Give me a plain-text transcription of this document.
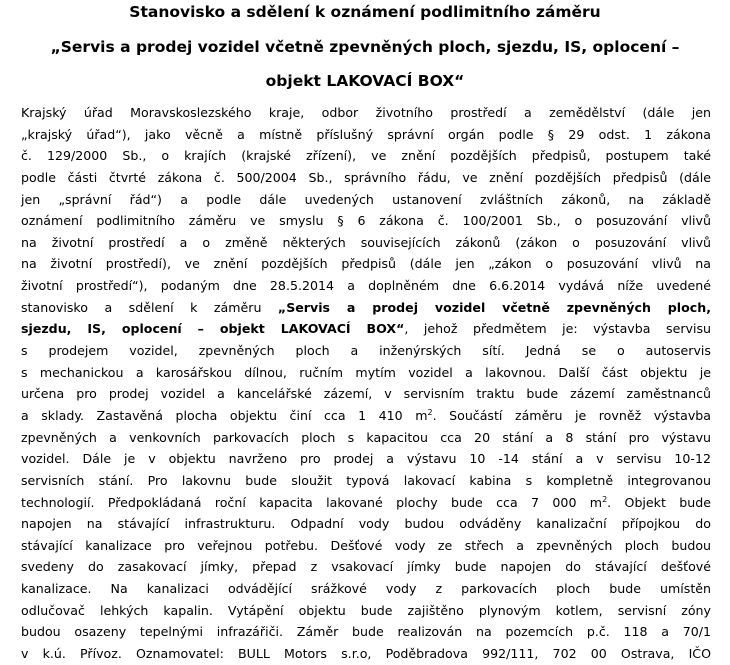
Stanovisko a sdělení k oznámení podlimitního záměru
„Servis a prodej vozidel včetně zpevněných ploch, sjezdu, IS, oplocení –
objekt LAKOVACÍ BOX“
Krajský úřad Moravskoslezského kraje, odbor životního prostředí a zemědělství (dále jen
„krajský úřad“), jako věcně a místně příslušný správní orgán podle § 29 odst. 1 zákona
č. 129/2000 Sb., o krajích (krajské zřízení), ve znění pozdějších předpisů, postupem také
podle části čtvrté zákona č. 500/2004 Sb., správního řádu, ve znění pozdějších předpisů (dále
jen „správní řád“) a podle dále uvedených ustanovení zvláštních zákonů, na základě
oznámení podlimitního záměru ve smyslu § 6 zákona č. 100/2001 Sb., o posuzování vlivů
na životní prostředí a o změně některých souvisejících zákonů (zákon o posuzování vlivů
na životní prostředí), ve znění pozdějších předpisů (dále jen „zákon o posuzování vlivů na
životní prostředí“), podaným dne 28.5.2014 a doplněném dne 6.6.2014 vydává níže uvedené
stanovisko a sdělení k záměru „Servis a prodej vozidel včetně zpevněných ploch,
sjezdu, IS, oplocení – objekt LAKOVACÍ BOX“, jehož předmětem je: výstavba servisu
s prodejem vozidel, zpevněných ploch a inženýrských sítí. Jedná se o autoservis
s mechanickou a karosářskou dílnou, ručním mytím vozidel a lakovnou. Další část objektu je
určena pro prodej vozidel a kancelářské zázemí, v servisním traktu bude zázemí zaměstnanců
a sklady. Zastavěná plocha objektu činí cca 1 410 $m^2$. Součástí záměru je rovněž výstavba
zpevněných a venkovních parkovacích ploch s kapacitou cca 20 stání a 8 stání pro výstavu
vozidel. Dále je v objektu navrženo pro prodej a výstavu 10 -14 stání a v servisu 10-12
servisních stání. Pro lakovnu bude sloužit typová lakovací kabina s kompletně integrovanou
technologií. Předpokládaná roční kapacita lakované plochy bude cca 7 000 $m^2$. Objekt bude
napojen na stávající infrastrukturu. Odpadní vody budou odváděny kanalizační přípojkou do
stávající kanalizace pro veřejnou potřebu. Dešťové vody ze střech a zpevněných ploch budou
svedeny do zasakovací jímky, přepad z vsakovací jímky bude napojen do stávající dešťové
kanalizace. Na kanalizaci odvádějící srážkové vody z parkovacích ploch bude umístěn
odlučovač lehkých kapalin. Vytápění objektu bude zajištěno plynovým kotlem, servisní zóny
budou osazeny tepelnými infrazářiči. Záměr bude realizován na pozemcích p.č. 118 a 70/1
v k.ú. Přívoz. Oznamovatel: BULL Motors s.r.o, Poděbradova 992/111, 702 00 Ostrava, IČO
